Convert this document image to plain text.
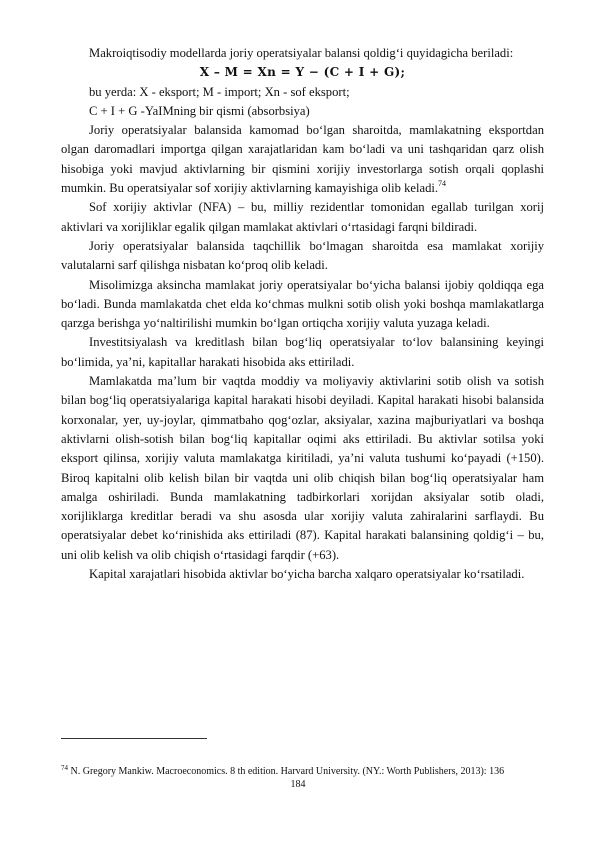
Makroiqtisodiy modellarda joriy operatsiyalar balansi qoldig‘i quyidagicha beriladi:

X – M = Xn = Y − (C + I + G);

bu yerda: X - eksport; M - import; Xn - sof eksport;

C + I + G -YaIMning bir qismi (absorbsiya)

Joriy operatsiyalar balansida kamomad bo‘lgan sharoitda, mamlakatning eksportdan olgan daromadlari importga qilgan xarajatlaridan kam bo‘ladi va uni tashqaridan qarz olish hisobiga yoki mavjud aktivlarning bir qismini xorijiy investorlarga sotish orqali qoplashi mumkin. Bu operatsiyalar sof xorijiy aktivlarning kamayishiga olib keladi.$^{74}$

Sof xorijiy aktivlar (NFA) – bu, milliy rezidentlar tomonidan egallab turilgan xorij aktivlari va xorijliklar egalik qilgan mamlakat aktivlari o‘rtasidagi farqni bildiradi.

Joriy operatsiyalar balansida taqchillik bo‘lmagan sharoitda esa mamlakat xorijiy valutalarni sarf qilishga nisbatan ko‘proq olib keladi.

Misolimizga aksincha mamlakat joriy operatsiyalar bo‘yicha balansi ijobiy qoldiqqa ega bo‘ladi. Bunda mamlakatda chet elda ko‘chmas mulkni sotib olish yoki boshqa mamlakatlarga qarzga berishga yo‘naltirilishi mumkin bo‘lgan ortiqcha xorijiy valuta yuzaga keladi.

Investitsiyalash va kreditlash bilan bog‘liq operatsiyalar to‘lov balansining keyingi bo‘limida, ya’ni, kapitallar harakati hisobida aks ettiriladi.

Mamlakatda ma’lum bir vaqtda moddiy va moliyaviy aktivlarini sotib olish va sotish bilan bog‘liq operatsiyalariga kapital harakati hisobi deyiladi. Kapital harakati hisobi balansida korxonalar, yer, uy-joylar, qimmatbaho qog‘ozlar, aksiyalar, xazina majburiyatlari va boshqa aktivlarni olish-sotish bilan bog‘liq kapitallar oqimi aks ettiriladi. Bu aktivlar sotilsa yoki eksport qilinsa, xorijiy valuta mamlakatga kiritiladi, ya’ni valuta tushumi ko‘payadi (+150). Biroq kapitalni olib kelish bilan bir vaqtda uni olib chiqish bilan bog‘liq operatsiyalar ham amalga oshiriladi. Bunda mamlakatning tadbirkorlari xorijdan aksiyalar sotib oladi, xorijliklarga kreditlar beradi va shu asosda ular xorijiy valuta zahiralarini sarflaydi. Bu operatsiyalar debet ko‘rinishida aks ettiriladi (87). Kapital harakati balansining qoldig‘i – bu, uni olib kelish va olib chiqish o‘rtasidagi farqdir (+63).

Kapital xarajatlari hisobida aktivlar bo‘yicha barcha xalqaro operatsiyalar ko‘rsatiladi.

$^{74}$ N. Gregory Mankiw. Macroeconomics. 8 th edition. Harvard University. (NY.: Worth Publishers, 2013): 136
184
